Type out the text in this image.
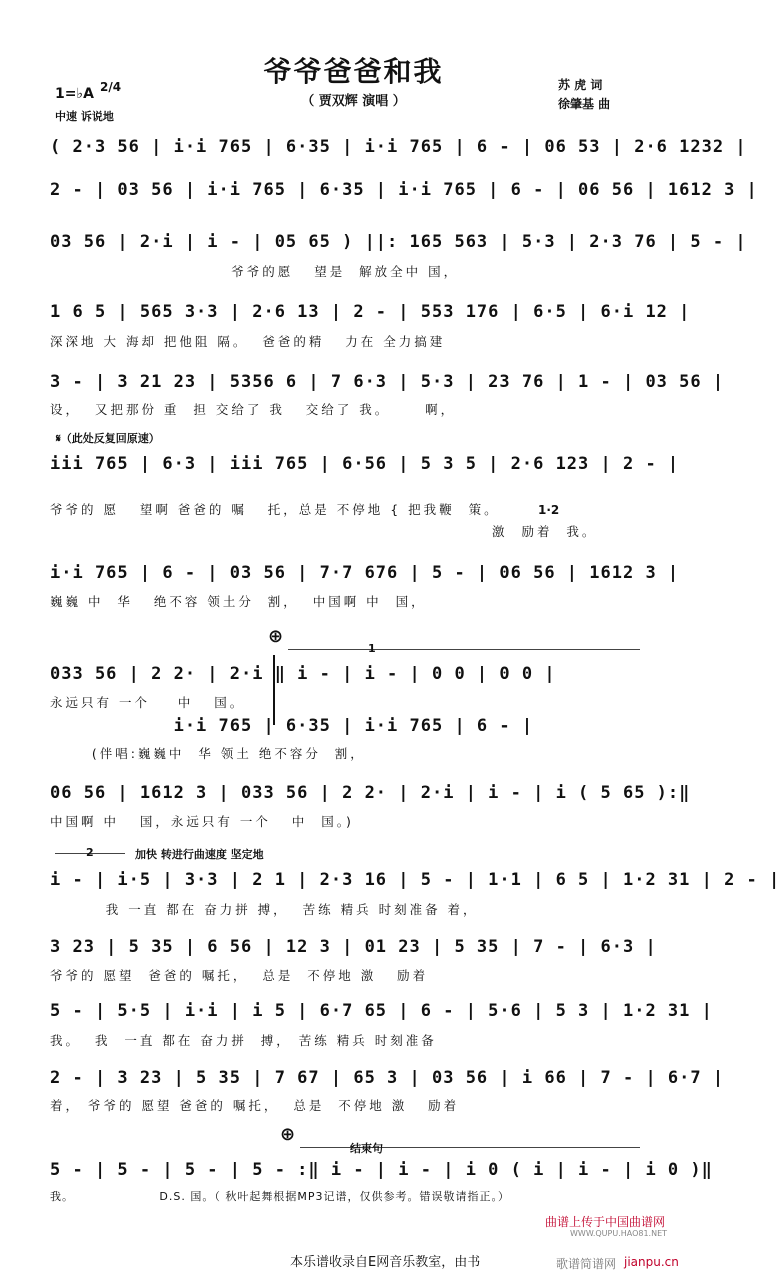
爷爷爸爸和我
（ 贾双辉 演唱 ）
1=♭A 2/4
中速 诉说地
苏 虎 词
徐肇基 曲
( 2·3 56 | i·i 765 | 6·35 | i·i 765 | 6 - | 06 53 | 2·6 1232 |
2 - | 03 56 | i·i 765 | 6·35 | i·i 765 | 6 - | 06 56 | 1612 3 |
03 56 | 2·i | i - | 05 65 ) ||: 165 563 | 5·3 | 2·3 76 | 5 - |
爷爷的愿   望是  解放全中 国，
1 6 5 | 565 3·3 | 2·6 13 | 2 - | 553 176 | 6·5 | 6·i 12 |
深深地 大 海却 把他阻 隔。  爸爸的精   力在 全力搞建
3 - | 3 21 23 | 5356 6 | 7 6·3 | 5·3 | 23 76 | 1 - | 03 56 |
设，  又把那份 重  担 交给了 我   交给了 我。     啊，
𝄋（此处反复回原速）
iii 765 | 6·3 | iii 765 | 6·56 | 5 3 5 | 2·6 123 | 2 - |
爷爷的 愿   望啊 爸爸的 嘱   托，总是 不停地 { 把我鞭  策。	1·2
激  励着  我。
i·i 765 | 6 - | 03 56 | 7·7 676 | 5 - | 06 56 | 1612 3 |
巍巍 中  华   绝不容 领土分  割，  中国啊 中  国，
⊕
1
033 56 | 2 2· | 2·i ‖ i - | i - | 0 0 | 0 0 |
永远只有 一个    中   国。
i·i 765 | 6·35 | i·i 765 | 6 - |
(伴唱:巍巍中  华 领土 绝不容分  割，
06 56 | 1612 3 | 033 56 | 2 2· | 2·i | i - | i ( 5 65 ):‖
中国啊 中   国，永远只有 一个   中  国。)
2	加快 转进行曲速度 坚定地
i - | i·5 | 3·3 | 2 1 | 2·3 16 | 5 - | 1·1 | 6 5 | 1·2 31 | 2 - |
我 一直 都在 奋力拼 搏，  苦练 精兵 时刻准备 着，
3 23 | 5 35 | 6 56 | 12 3 | 01 23 | 5 35 | 7 - | 6·3 |
爷爷的 愿望  爸爸的 嘱托，  总是  不停地 激   励着
5 - | 5·5 | i·i | i 5 | 6·7 65 | 6 - | 5·6 | 5 3 | 1·2 31 |
我。  我  一直 都在 奋力拼  搏， 苦练 精兵 时刻准备
2 - | 3 23 | 5 35 | 7 67 | 65 3 | 03 56 | i 66 | 7 - | 6·7 |
着， 爷爷的 愿望 爸爸的 嘱托，  总是  不停地 激   励着
⊕
结束句
5 - | 5 - | 5 - | 5 - :‖ i - | i - | i 0 ( i | i - | i 0 )‖
我。                   D.S. 国。（ 秋叶起舞根据MP3记谱，仅供参考。错误敬请指正。）
曲谱上传于中国曲谱网
WWW.QUPU.HAO81.NET
本乐谱收录自E网音乐教室，由书	歌谱简谱网 jianpu.cn
